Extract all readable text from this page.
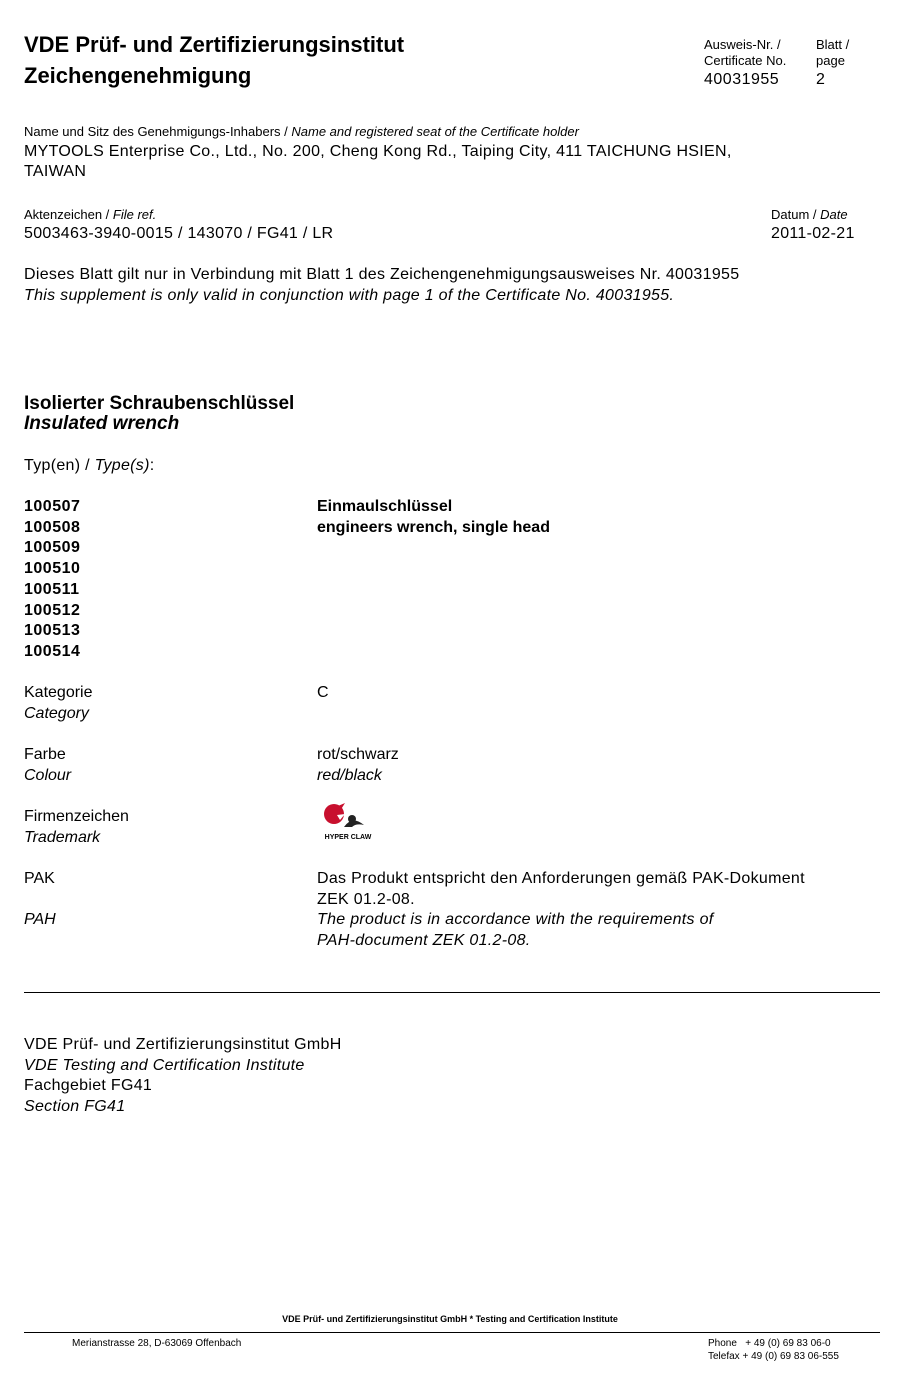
VDE Prüf- und Zertifizierungsinstitut
Zeichengenehmigung
Ausweis-Nr. /
Certificate No.
40031955
Blatt /
page
2
Name und Sitz des Genehmigungs-Inhabers / Name and registered seat of the Certificate holder
MYTOOLS Enterprise Co., Ltd., No. 200, Cheng Kong Rd., Taiping City, 411 TAICHUNG HSIEN,
TAIWAN
Aktenzeichen / File ref.
5003463-3940-0015 / 143070 / FG41 / LR
Datum / Date
2011-02-21
Dieses Blatt gilt nur in Verbindung mit Blatt 1 des Zeichengenehmigungsausweises Nr. 40031955
This supplement is only valid in conjunction with page 1 of the Certificate No. 40031955.
Isolierter Schraubenschlüssel
Insulated wrench
Typ(en) / Type(s):
100507
100508
100509
100510
100511
100512
100513
100514
Einmaulschlüssel
engineers wrench, single head
Kategorie
Category
C
Farbe
Colour
rot/schwarz
red/black
Firmenzeichen
Trademark	HYPER CLAW
PAK
PAH
Das Produkt entspricht den Anforderungen gemäß PAK-Dokument
ZEK 01.2-08.
The product is in accordance with the requirements of
PAH-document ZEK 01.2-08.
VDE Prüf- und Zertifizierungsinstitut GmbH
VDE Testing and Certification Institute
Fachgebiet FG41
Section FG41
VDE Prüf- und Zertifizierungsinstitut GmbH * Testing and Certification Institute
Merianstrasse 28, D-63069 Offenbach	Phone   + 49 (0) 69 83 06-0
Telefax + 49 (0) 69 83 06-555
